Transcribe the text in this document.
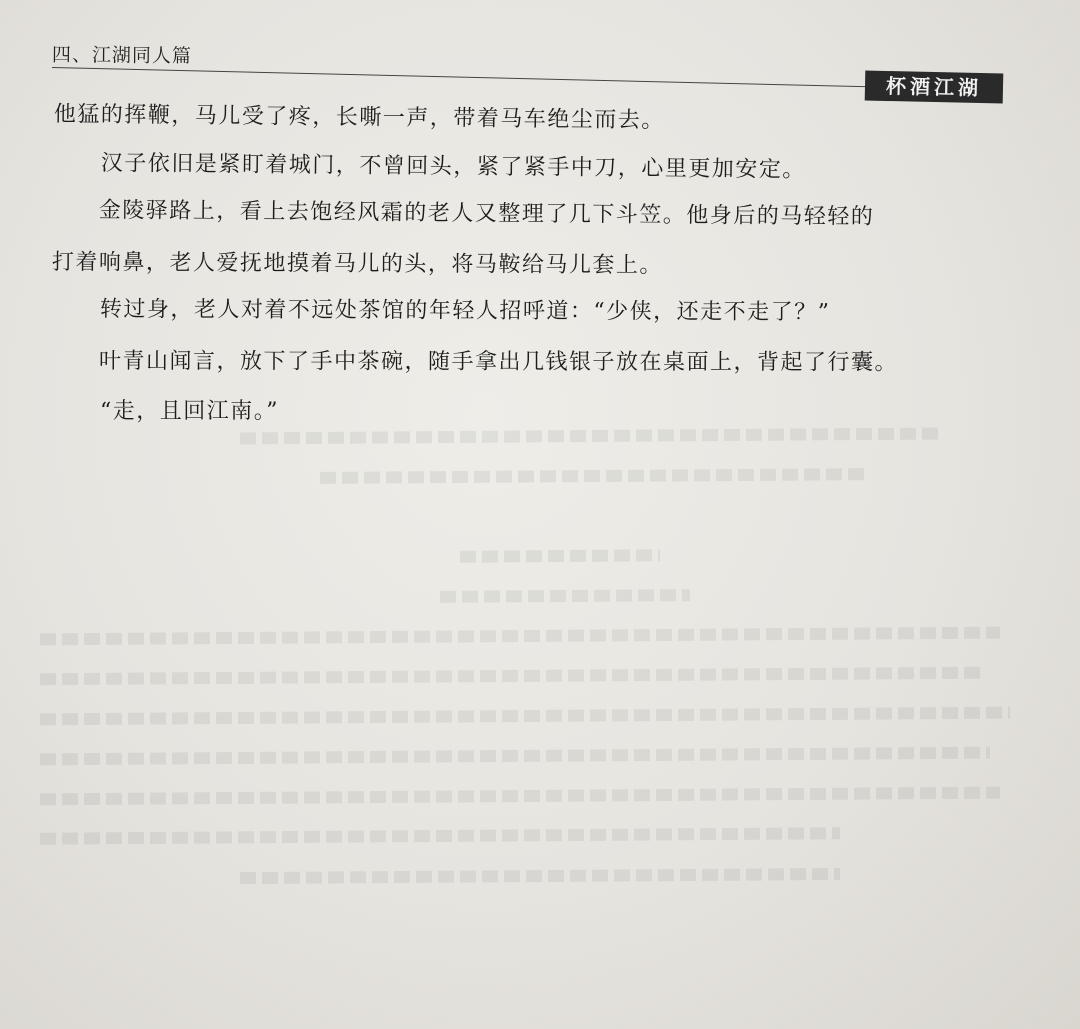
四、江湖同人篇
杯酒江湖
他猛的挥鞭，马儿受了疼，长嘶一声，带着马车绝尘而去。
汉子依旧是紧盯着城门，不曾回头，紧了紧手中刀，心里更加安定。
金陵驿路上，看上去饱经风霜的老人又整理了几下斗笠。他身后的马轻轻的
打着响鼻，老人爱抚地摸着马儿的头，将马鞍给马儿套上。
转过身，老人对着不远处茶馆的年轻人招呼道：“少侠，还走不走了？”
叶青山闻言，放下了手中茶碗，随手拿出几钱银子放在桌面上，背起了行囊。
“走，且回江南。”
